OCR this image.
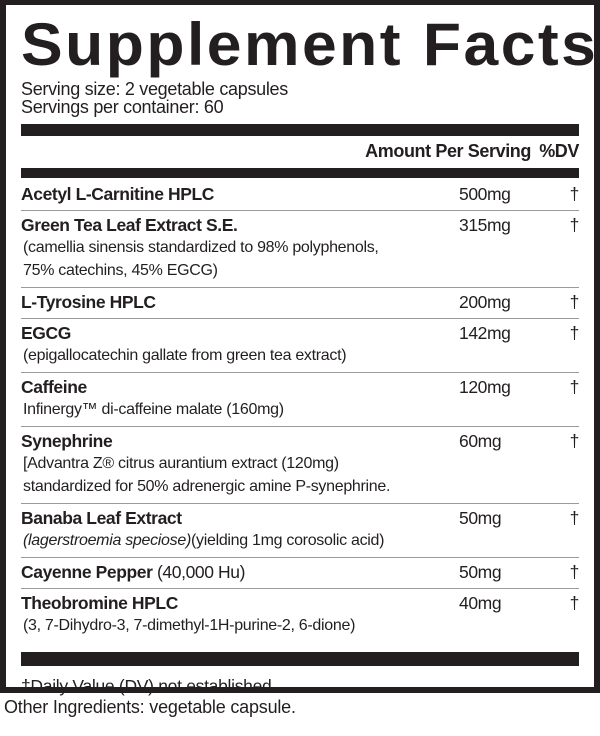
Supplement Facts
Serving size: 2 vegetable capsules
Servings per container: 60
Amount Per Serving %DV
Acetyl L-Carnitine HPLC	500mg	†
Green Tea Leaf Extract S.E.	315mg	†
(camellia sinensis standardized to 98% polyphenols,
75% catechins, 45% EGCG)
L-Tyrosine HPLC	200mg	†
EGCG	142mg	†
(epigallocatechin gallate from green tea extract)
Caffeine	120mg	†
Infinergy™ di-caffeine malate (160mg)
Synephrine	60mg	†
[Advantra Z® citrus aurantium extract (120mg)
standardized for 50% adrenergic amine P-synephrine.
Banaba Leaf Extract	50mg	†
(lagerstroemia speciose)(yielding 1mg corosolic acid)
Cayenne Pepper (40,000 Hu)	50mg	†
Theobromine HPLC	40mg	†
(3, 7-Dihydro-3, 7-dimethyl-1H-purine-2, 6-dione)
†Daily Value (DV) not established.
Other Ingredients: vegetable capsule.
